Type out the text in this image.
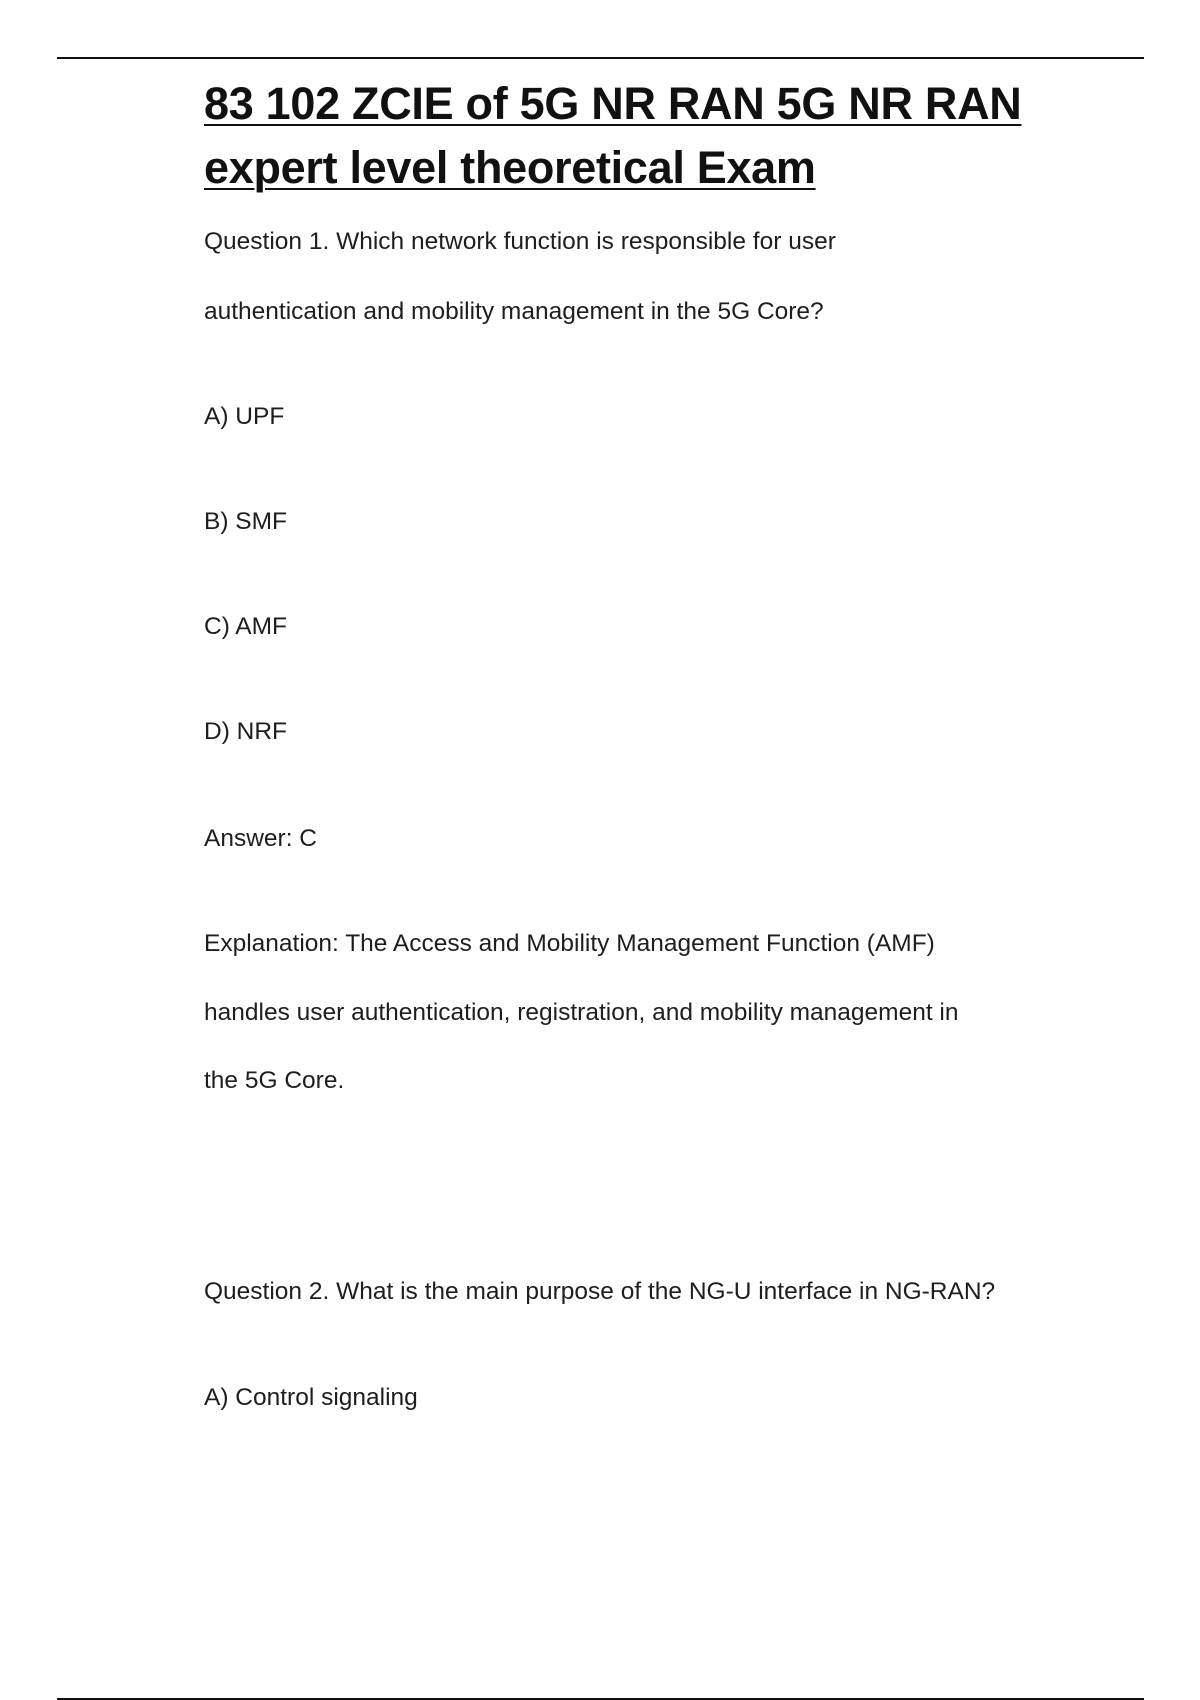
83 102 ZCIE of 5G NR RAN 5G NR RAN expert level theoretical Exam
Question 1. Which network function is responsible for user
authentication and mobility management in the 5G Core?
A) UPF
B) SMF
C) AMF
D) NRF
Answer: C
Explanation: The Access and Mobility Management Function (AMF)
handles user authentication, registration, and mobility management in
the 5G Core.
Question 2. What is the main purpose of the NG-U interface in NG-RAN?
A) Control signaling
